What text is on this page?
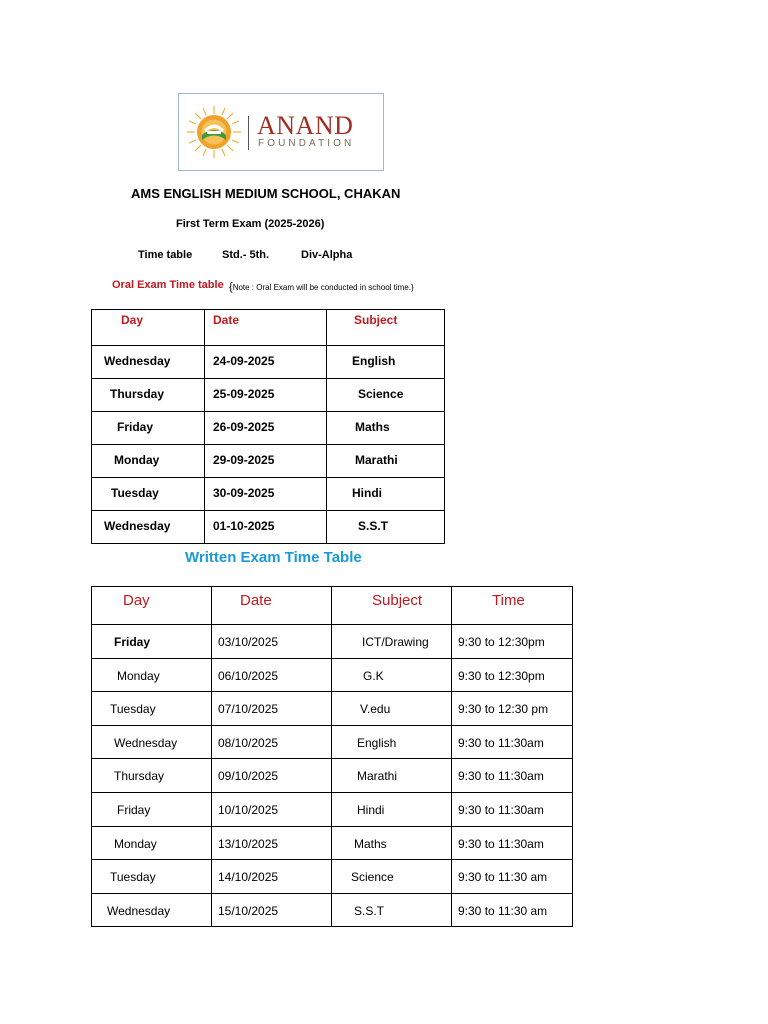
ANAND
FOUNDATION
AMS ENGLISH MEDIUM SCHOOL, CHAKAN
First Term Exam (2025-2026)
Time table	Std.- 5th.	Div-Alpha
Oral Exam Time table {Note : Oral Exam will be conducted in school time.}
Day	Date	Subject
Wednesday	24-09-2025	English
Thursday	25-09-2025	Science
Friday	26-09-2025	Maths
Monday	29-09-2025	Marathi
Tuesday	30-09-2025	Hindi
Wednesday	01-10-2025	S.S.T
Written Exam Time Table
Day	Date	Subject	Time
Friday	03/10/2025	ICT/Drawing	9:30 to 12:30pm
Monday	06/10/2025	G.K	9:30 to 12:30pm
Tuesday	07/10/2025	V.edu	9:30 to 12:30 pm
Wednesday	08/10/2025	English	9:30 to 11:30am
Thursday	09/10/2025	Marathi	9:30 to 11:30am
Friday	10/10/2025	Hindi	9:30 to 11:30am
Monday	13/10/2025	Maths	9:30 to 11:30am
Tuesday	14/10/2025	Science	9:30 to 11:30 am
Wednesday	15/10/2025	S.S.T	9:30 to 11:30 am
